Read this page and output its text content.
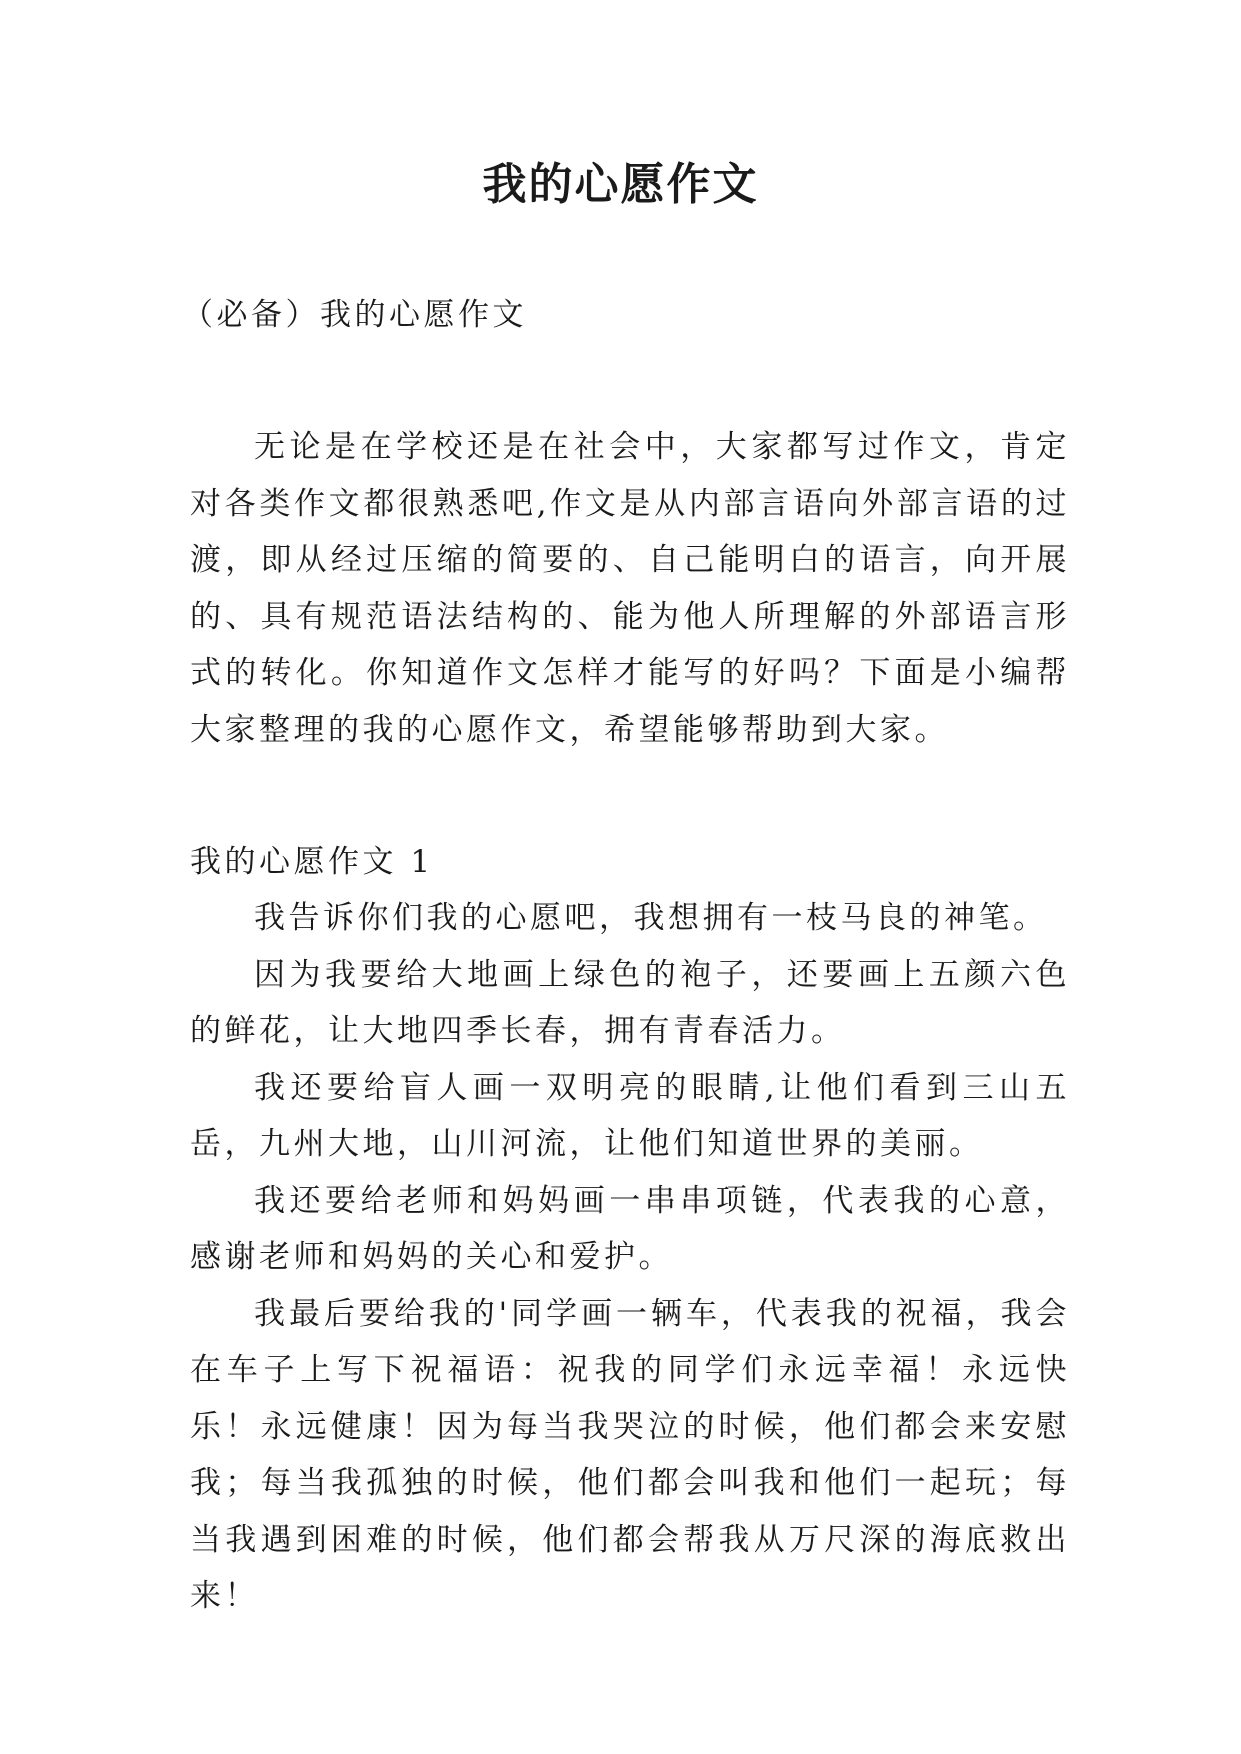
我的心愿作文

（必备）我的心愿作文

无论是在学校还是在社会中，大家都写过作文，肯定对各类作文都很熟悉吧,作文是从内部言语向外部言语的过渡，即从经过压缩的简要的、自己能明白的语言，向开展的、具有规范语法结构的、能为他人所理解的外部语言形式的转化。你知道作文怎样才能写的好吗？下面是小编帮大家整理的我的心愿作文，希望能够帮助到大家。

我的心愿作文 1

我告诉你们我的心愿吧，我想拥有一枝马良的神笔。

因为我要给大地画上绿色的袍子，还要画上五颜六色的鲜花，让大地四季长春，拥有青春活力。

我还要给盲人画一双明亮的眼睛,让他们看到三山五岳，九州大地，山川河流，让他们知道世界的美丽。

我还要给老师和妈妈画一串串项链，代表我的心意，感谢老师和妈妈的关心和爱护。

我最后要给我的'同学画一辆车，代表我的祝福，我会在车子上写下祝福语：祝我的同学们永远幸福！永远快乐！永远健康！因为每当我哭泣的时候，他们都会来安慰我；每当我孤独的时候，他们都会叫我和他们一起玩；每当我遇到困难的时候，他们都会帮我从万尺深的海底救出来！
